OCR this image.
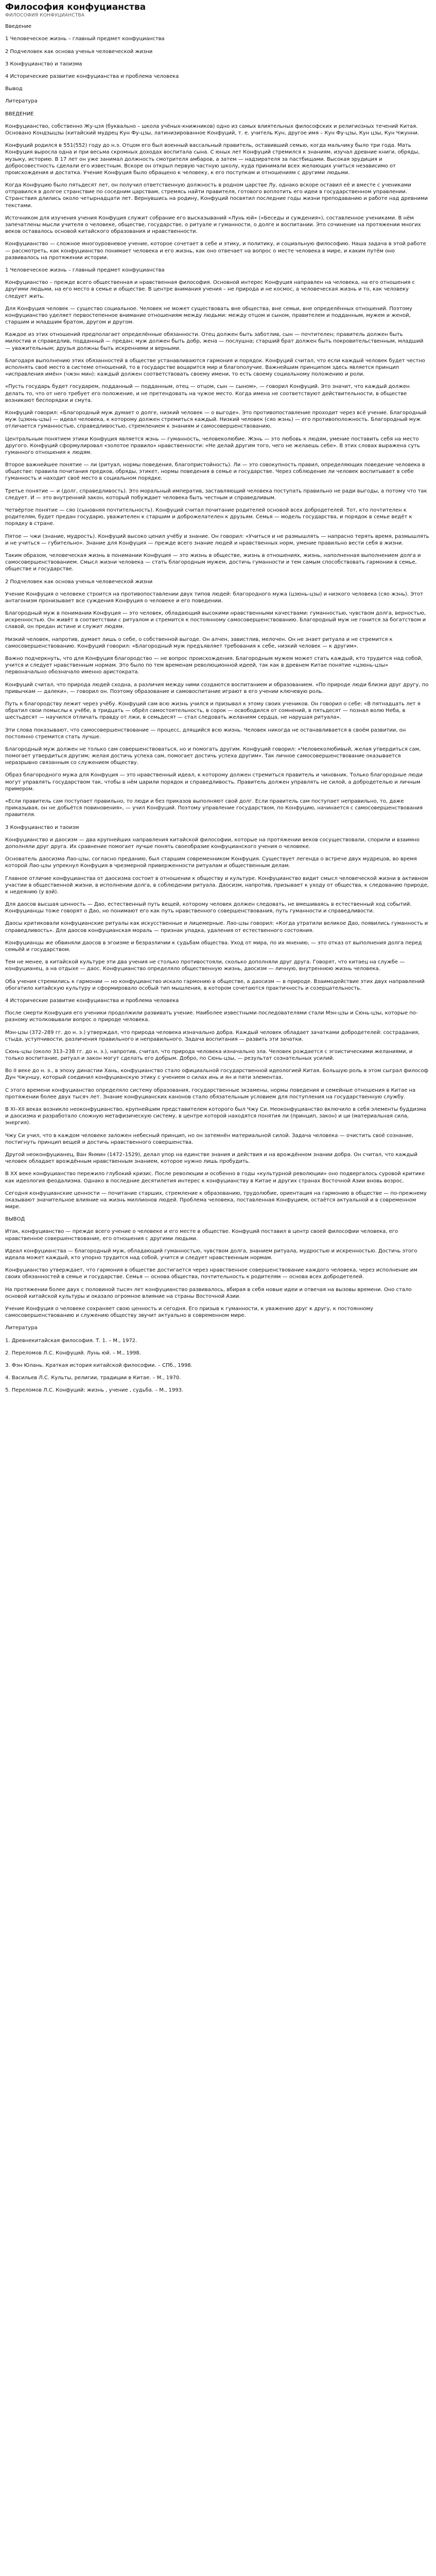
Философия конфуцианства
ФИЛОСОФИЯ КОНФУЦИАНСТВА
Введение
1 Человеческое жизнь – главный предмет конфуцианства
2 Подчеловек как основа ученья человеческой жизни
3 Конфуцианство и таоизмa
4 Исторические развитие конфуцианства и проблема человека
Вывод
Литература
ВВЕДЕНИЕ

Конфуцианство, собственно Жу-цзя (буквально – школа учёных-книжников) одно из самых влиятельных философских и религиозных течений Китая. Основано Кондзыцзы (китайский мудрец Кун Фу-цзы, латинизированное Конфуций, т. е. учитель Кун, другое имя – Кун Фу-цзы, Кун цзы, Кун Чжунни.

Конфуций родился в 551(552) году до н.э. Отцом его был военный вассальный правитель, оставивший семью, когда мальчику было три года. Мать Конфуция выросла одна и при весьма скромных доходах воспитала сына. С юных лет Конфуций стремился к знаниям, изучал древние книги, обряды, музыку, историю. В 17 лет он уже занимал должность смотрителя амбаров, а затем — надзирателя за пастбищами. Высокая эрудиция и добросовестность сделали его известным. Вскоре он открыл первую частную школу, куда принимали всех желающих учиться независимо от происхождения и достатка. Учение Конфуция было обращено к человеку, к его поступкам и отношениям с другими людьми.

Когда Конфуцию было пятьдесят лет, он получил ответственную должность в родном царстве Лу, однако вскоре оставил её и вместе с учениками отправился в долгое странствие по соседним царствам, стремясь найти правителя, готового воплотить его идеи в государственном управлении. Странствия длились около четырнадцати лет. Вернувшись на родину, Конфуций посвятил последние годы жизни преподаванию и работе над древними текстами.

Источником для изучения учения Конфуция служит собрание его высказываний «Лунь юй» («Беседы и суждения»), составленное учениками. В нём запечатлены мысли учителя о человеке, обществе, государстве, о ритуале и гуманности, о долге и воспитании. Это сочинение на протяжении многих веков оставалось основой китайского образования и нравственности.

Конфуцианство — сложное многоуровневое учение, которое сочетает в себе и этику, и политику, и социальную философию. Наша задача в этой работе — рассмотреть, как конфуцианство понимает человека и его жизнь, как оно отвечает на вопрос о месте человека в мире, и каким путём оно развивалось на протяжении истории.

1 Человеческое жизнь – главный предмет конфуцианства

Конфуцианство – прежде всего общественная и нравственная философия. Основной интерес Конфуция направлен на человека, на его отношения с другими людьми, на его место в семье и обществе. В центре внимания учения – не природа и не космос, а человеческая жизнь и то, как человеку следует жить.

Для Конфуция человек — существо социальное. Человек не может существовать вне общества, вне семьи, вне определённых отношений. Поэтому конфуцианство уделяет первостепенное внимание отношениям между людьми: между отцом и сыном, правителем и подданным, мужем и женой, старшим и младшим братом, другом и другом.

Каждое из этих отношений предполагает определённые обязанности. Отец должен быть заботлив, сын — почтителен; правитель должен быть милостив и справедлив, подданный — предан; муж должен быть добр, жена — послушна; старший брат должен быть покровительственным, младший — уважительным; друзья должны быть искренними и верными.

Благодаря выполнению этих обязанностей в обществе устанавливаются гармония и порядок. Конфуций считал, что если каждый человек будет честно исполнять своё место в системе отношений, то в государстве воцарится мир и благополучие. Важнейшим принципом здесь является принцип «исправления имён» (чжэн мин): каждый должен соответствовать своему имени, то есть своему социальному положению и роли.

«Пусть государь будет государем, подданный — подданным, отец — отцом, сын — сыном», — говорил Конфуций. Это значит, что каждый должен делать то, что от него требует его положение, и не претендовать на чужое место. Когда имена не соответствуют действительности, в обществе возникают беспорядки и смута.

Конфуций говорил: «Благородный муж думает о долге, низкий человек — о выгоде». Это противопоставление проходит через всё учение. Благородный муж (цзюнь-цзы) — идеал человека, к которому должен стремиться каждый. Низкий человек (сяо жэнь) — его противоположность. Благородный муж отличается гуманностью, справедливостью, стремлением к знаниям и самосовершенствованию.

Центральным понятием этики Конфуция является жэнь — гуманность, человеколюбие. Жэнь — это любовь к людям, умение поставить себя на место другого. Конфуций сформулировал «золотое правило» нравственности: «Не делай другим того, чего не желаешь себе». В этих словах выражена суть гуманного отношения к людям.

Второе важнейшее понятие — ли (ритуал, нормы поведения, благопристойность). Ли — это совокупность правил, определяющих поведение человека в обществе: правила почитания предков, обряды, этикет, нормы поведения в семье и государстве. Через соблюдение ли человек воспитывает в себе гуманность и находит своё место в социальном порядке.

Третье понятие — и (долг, справедливость). Это моральный императив, заставляющий человека поступать правильно не ради выгоды, а потому что так следует. И — это внутренний закон, который побуждает человека быть честным и справедливым.

Четвёртое понятие — сяо (сыновняя почтительность). Конфуций считал почитание родителей основой всех добродетелей. Тот, кто почтителен к родителям, будет предан государю, уважителен к старшим и доброжелателен к друзьям. Семья — модель государства, и порядок в семье ведёт к порядку в стране.

Пятое — чжи (знание, мудрость). Конфуций высоко ценил учёбу и знание. Он говорил: «Учиться и не размышлять — напрасно терять время, размышлять и не учиться — губительно». Знание для Конфуция — прежде всего знание людей и нравственных норм, умение правильно вести себя в жизни.

Таким образом, человеческая жизнь в понимании Конфуция — это жизнь в обществе, жизнь в отношениях, жизнь, наполненная выполнением долга и самосовершенствованием. Смысл жизни человека — стать благородным мужем, достичь гуманности и тем самым способствовать гармонии в семье, обществе и государстве.

2 Подчеловек как основа ученья человеческой жизни

Учение Конфуция о человеке строится на противопоставлении двух типов людей: благородного мужа (цзюнь-цзы) и низкого человека (сяо жэнь). Этот антагонизм пронизывает все суждения Конфуция о человеке и его поведении.

Благородный муж в понимании Конфуция — это человек, обладающий высокими нравственными качествами: гуманностью, чувством долга, верностью, искренностью. Он живёт в соответствии с ритуалом и стремится к постоянному самосовершенствованию. Благородный муж не гонится за богатством и славой, он предан истине и служит людям.

Низкий человек, напротив, думает лишь о себе, о собственной выгоде. Он алчен, завистлив, мелочен. Он не знает ритуала и не стремится к самосовершенствованию. Конфуций говорил: «Благородный муж предъявляет требования к себе, низкий человек — к другим».

Важно подчеркнуть, что для Конфуция благородство — не вопрос происхождения. Благородным мужем может стать каждый, кто трудится над собой, учится и следует нравственным нормам. Это было по тем временам революционной идеей, так как в древнем Китае понятие «цзюнь-цзы» первоначально обозначало именно аристократа.

Конфуций считал, что природа людей сходна, а различия между ними создаются воспитанием и образованием. «По природе люди близки друг другу, по привычкам — далеки», — говорил он. Поэтому образование и самовоспитание играют в его учении ключевую роль.

Путь к благородству лежит через учёбу. Конфуций сам всю жизнь учился и призывал к этому своих учеников. Он говорил о себе: «В пятнадцать лет я обратил свои помыслы к учёбе, в тридцать — обрёл самостоятельность, в сорок — освободился от сомнений, в пятьдесят — познал волю Неба, в шестьдесят — научился отличать правду от лжи, в семьдесят — стал следовать желаниям сердца, не нарушая ритуала».

Эти слова показывают, что самосовершенствование — процесс, длящийся всю жизнь. Человек никогда не останавливается в своём развитии, он постоянно стремится стать лучше.

Благородный муж должен не только сам совершенствоваться, но и помогать другим. Конфуций говорил: «Человеколюбивый, желая утвердиться сам, помогает утвердиться другим; желая достичь успеха сам, помогает достичь успеха другим». Так личное самосовершенствование оказывается неразрывно связанным со служением обществу.

Образ благородного мужа для Конфуция — это нравственный идеал, к которому должен стремиться правитель и чиновник. Только благородные люди могут управлять государством так, чтобы в нём царили порядок и справедливость. Правитель должен управлять не силой, а добродетелью и личным примером.

«Если правитель сам поступает правильно, то люди и без приказов выполняют свой долг. Если правитель сам поступает неправильно, то, даже приказывая, он не добьётся повиновения», — учил Конфуций. Поэтому управление государством, по Конфуцию, начинается с самосовершенствования правителя.

3 Конфуцианство и таоизм

Конфуцианство и даосизм — два крупнейших направления китайской философии, которые на протяжении веков сосуществовали, спорили и взаимно дополняли друг друга. Их сравнение помогает лучше понять своеобразие конфуцианского учения о человеке.

Основатель даосизма Лао-цзы, согласно преданию, был старшим современником Конфуция. Существует легенда о встрече двух мудрецов, во время которой Лао-цзы упрекнул Конфуция в чрезмерной приверженности ритуалам и общественным делам.

Главное отличие конфуцианства от даосизма состоит в отношении к обществу и культуре. Конфуцианство видит смысл человеческой жизни в активном участии в общественной жизни, в исполнении долга, в соблюдении ритуала. Даосизм, напротив, призывает к уходу от общества, к следованию природе, к недеянию (у вэй).

Для даосов высшая ценность — Дао, естественный путь вещей, которому человек должен следовать, не вмешиваясь в естественный ход событий. Конфуцианцы тоже говорят о Дао, но понимают его как путь нравственного совершенствования, путь гуманности и справедливости.

Даосы критиковали конфуцианские ритуалы как искусственные и лицемерные. Лао-цзы говорил: «Когда утратили великое Дао, появились гуманность и справедливость». Для даосов конфуцианская мораль — признак упадка, удаления от естественного состояния.

Конфуцианцы же обвиняли даосов в эгоизме и безразличии к судьбам общества. Уход от мира, по их мнению, — это отказ от выполнения долга перед семьёй и государством.

Тем не менее, в китайской культуре эти два учения не столько противостояли, сколько дополняли друг друга. Говорят, что китаец на службе — конфуцианец, а на отдыхе — даос. Конфуцианство определяло общественную жизнь, даосизм — личную, внутреннюю жизнь человека.

Оба учения стремились к гармонии — но конфуцианство искало гармонию в обществе, а даосизм — в природе. Взаимодействие этих двух направлений обогатило китайскую культуру и сформировало особый тип мышления, в котором сочетаются практичность и созерцательность.

4 Исторические развитие конфуцианства и проблема человека

После смерти Конфуция его ученики продолжили развивать учение. Наиболее известными последователями стали Мэн-цзы и Сюнь-цзы, которые по-разному истолковывали вопрос о природе человека.

Мэн-цзы (372–289 гг. до н. э.) утверждал, что природа человека изначально добра. Каждый человек обладает зачатками добродетелей: сострадания, стыда, уступчивости, различения правильного и неправильного. Задача воспитания — развить эти зачатки.

Сюнь-цзы (около 313–238 гг. до н. э.), напротив, считал, что природа человека изначально зла. Человек рождается с эгоистическими желаниями, и только воспитание, ритуал и закон могут сделать его добрым. Добро, по Сюнь-цзы, — результат сознательных усилий.

Во II веке до н. э., в эпоху династии Хань, конфуцианство стало официальной государственной идеологией Китая. Большую роль в этом сыграл философ Дун Чжуншу, который соединил конфуцианскую этику с учением о силах инь и ян и пяти элементах.

С этого времени конфуцианство определяло систему образования, государственные экзамены, нормы поведения и семейные отношения в Китае на протяжении более двух тысяч лет. Знание конфуцианских канонов стало обязательным условием для поступления на государственную службу.

В XI–XII веках возникло неоконфуцианство, крупнейшим представителем которого был Чжу Си. Неоконфуцианство включило в себя элементы буддизма и даосизма и разработало сложную метафизическую систему, в центре которой находятся понятия ли (принцип, закон) и ци (материальная сила, энергия).

Чжу Си учил, что в каждом человеке заложен небесный принцип, но он затемнён материальной силой. Задача человека — очистить своё сознание, постигнуть принцип вещей и достичь нравственного совершенства.

Другой неоконфуцианец, Ван Янмин (1472–1529), делал упор на единстве знания и действия и на врождённом знании добра. Он считал, что каждый человек обладает врождённым нравственным знанием, которое нужно лишь пробудить.

В XX веке конфуцианство пережило глубокий кризис. После революции и особенно в годы «культурной революции» оно подвергалось суровой критике как идеология феодализма. Однако в последние десятилетия интерес к конфуцианству в Китае и других странах Восточной Азии вновь возрос.

Сегодня конфуцианские ценности — почитание старших, стремление к образованию, трудолюбие, ориентация на гармонию в обществе — по-прежнему оказывают значительное влияние на жизнь миллионов людей. Проблема человека, поставленная Конфуцием, остаётся актуальной и в современном мире.

ВЫВОД

Итак, конфуцианство — прежде всего учение о человеке и его месте в обществе. Конфуций поставил в центр своей философии человека, его нравственное совершенствование, его отношения с другими людьми.

Идеал конфуцианства — благородный муж, обладающий гуманностью, чувством долга, знанием ритуала, мудростью и искренностью. Достичь этого идеала может каждый, кто упорно трудится над собой, учится и следует нравственным нормам.

Конфуцианство утверждает, что гармония в обществе достигается через нравственное совершенствование каждого человека, через исполнение им своих обязанностей в семье и государстве. Семья — основа общества, почтительность к родителям — основа всех добродетелей.

На протяжении более двух с половиной тысяч лет конфуцианство развивалось, вбирая в себя новые идеи и отвечая на вызовы времени. Оно стало основой китайской культуры и оказало огромное влияние на страны Восточной Азии.

Учение Конфуция о человеке сохраняет свою ценность и сегодня. Его призыв к гуманности, к уважению друг к другу, к постоянному самосовершенствованию и служению обществу звучит актуально в современном мире.

Литература
1. Древнекитайская философия. Т. 1. – М., 1972.
2. Переломов Л.С. Конфуций. Лунь юй. – М., 1998.
3. Фэн Юлань. Краткая история китайской философии. – СПб., 1998.
4. Васильев Л.С. Культы, религии, традиции в Китае. – М., 1970.
5. Переломов Л.С. Конфуций: жизнь , учение , судьба. – М., 1993.
